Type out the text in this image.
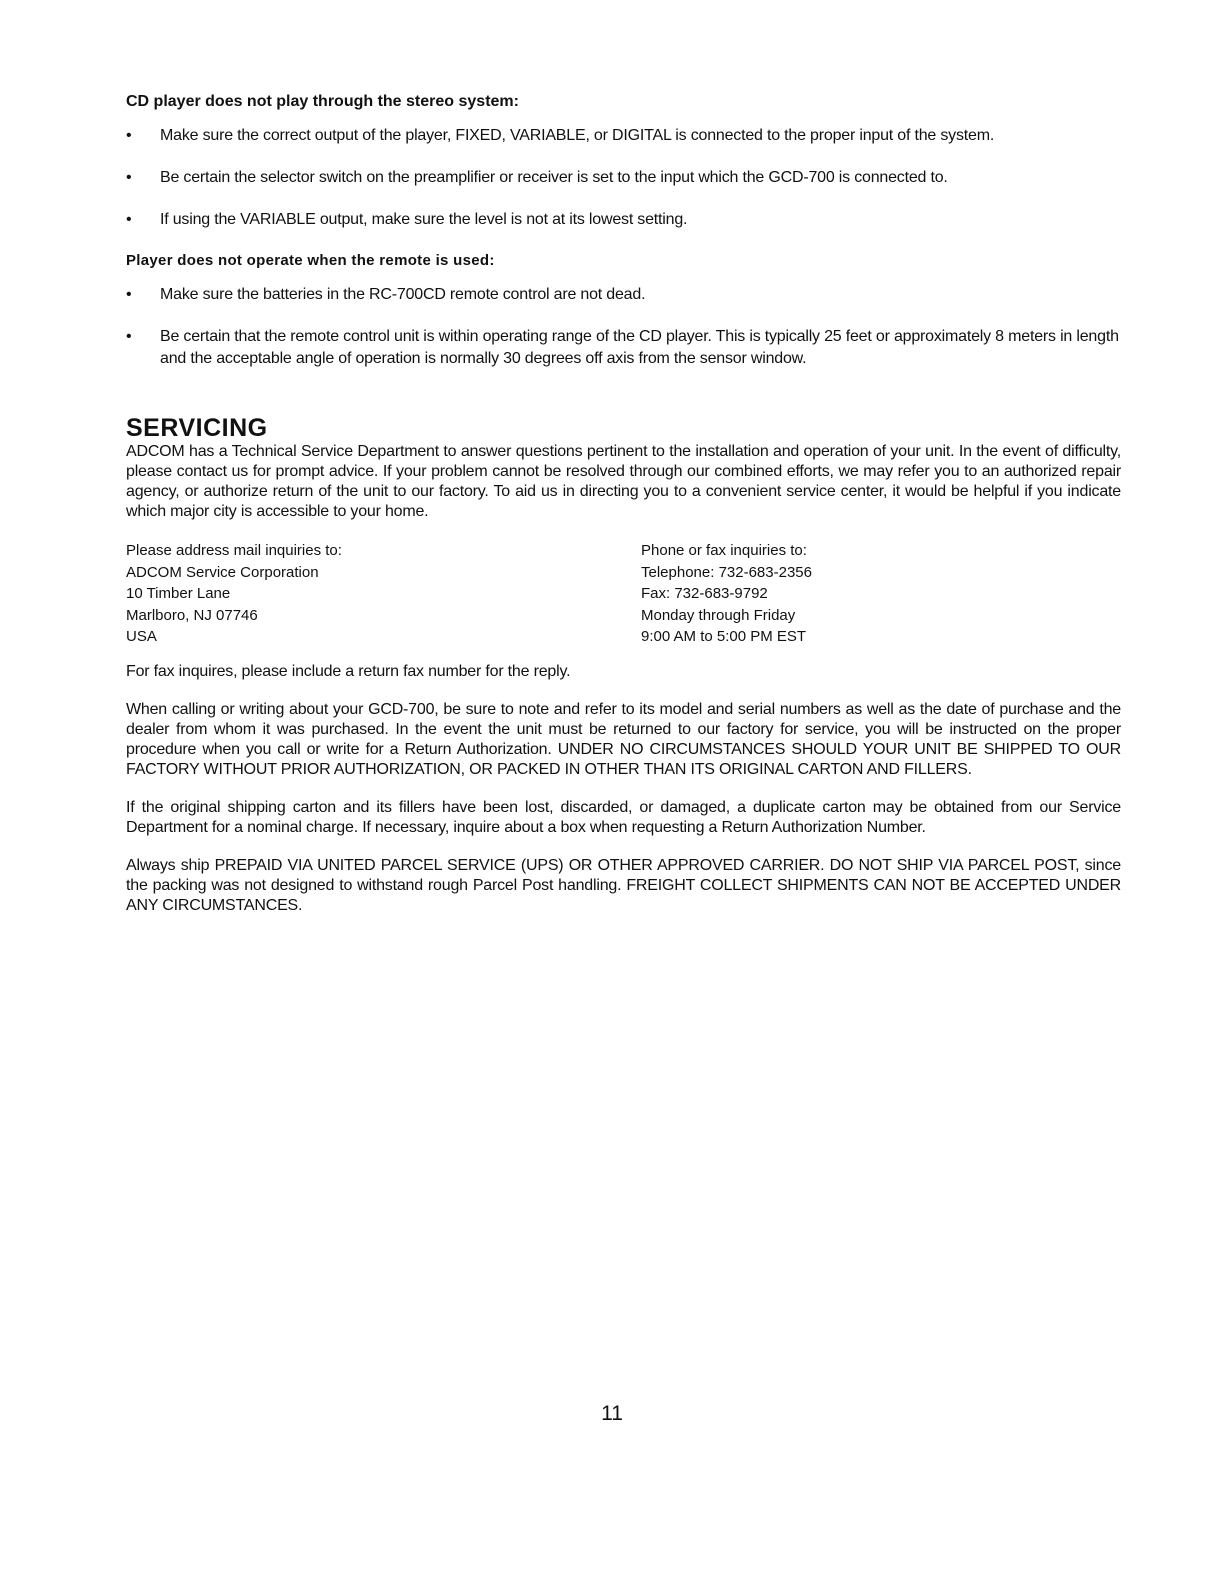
CD player does not play through the stereo system:
• Make sure the correct output of the player, FIXED, VARIABLE, or DIGITAL is connected to the proper input of the system.
• Be certain the selector switch on the preamplifier or receiver is set to the input which the GCD-700 is connected to.
• If using the VARIABLE output, make sure the level is not at its lowest setting.
Player does not operate when the remote is used:
• Make sure the batteries in the RC-700CD remote control are not dead.
• Be certain that the remote control unit is within operating range of the CD player. This is typically 25 feet or approximately 8 meters in length and the acceptable angle of operation is normally 30 degrees off axis from the sensor window.
SERVICING

ADCOM has a Technical Service Department to answer questions pertinent to the installation and operation of your unit. In the event of difficulty, please contact us for prompt advice. If your problem cannot be resolved through our combined efforts, we may refer you to an authorized repair agency, or authorize return of the unit to our factory. To aid us in directing you to a convenient service center, it would be helpful if you indicate which major city is accessible to your home.

Please address mail inquiries to:
ADCOM Service Corporation
10 Timber Lane
Marlboro, NJ 07746
USA
Phone or fax inquiries to:
Telephone: 732-683-2356
Fax: 732-683-9792
Monday through Friday
9:00 AM to 5:00 PM EST

For fax inquires, please include a return fax number for the reply.

When calling or writing about your GCD-700, be sure to note and refer to its model and serial numbers as well as the date of purchase and the dealer from whom it was purchased. In the event the unit must be returned to our factory for service, you will be instructed on the proper procedure when you call or write for a Return Authorization. UNDER NO CIRCUMSTANCES SHOULD YOUR UNIT BE SHIPPED TO OUR FACTORY WITHOUT PRIOR AUTHORIZATION, OR PACKED IN OTHER THAN ITS ORIGINAL CARTON AND FILLERS.

If the original shipping carton and its fillers have been lost, discarded, or damaged, a duplicate carton may be obtained from our Service Department for a nominal charge. If necessary, inquire about a box when requesting a Return Authorization Number.

Always ship PREPAID VIA UNITED PARCEL SERVICE (UPS) OR OTHER APPROVED CARRIER. DO NOT SHIP VIA PARCEL POST, since the packing was not designed to withstand rough Parcel Post handling. FREIGHT COLLECT SHIPMENTS CAN NOT BE ACCEPTED UNDER ANY CIRCUMSTANCES.

11
